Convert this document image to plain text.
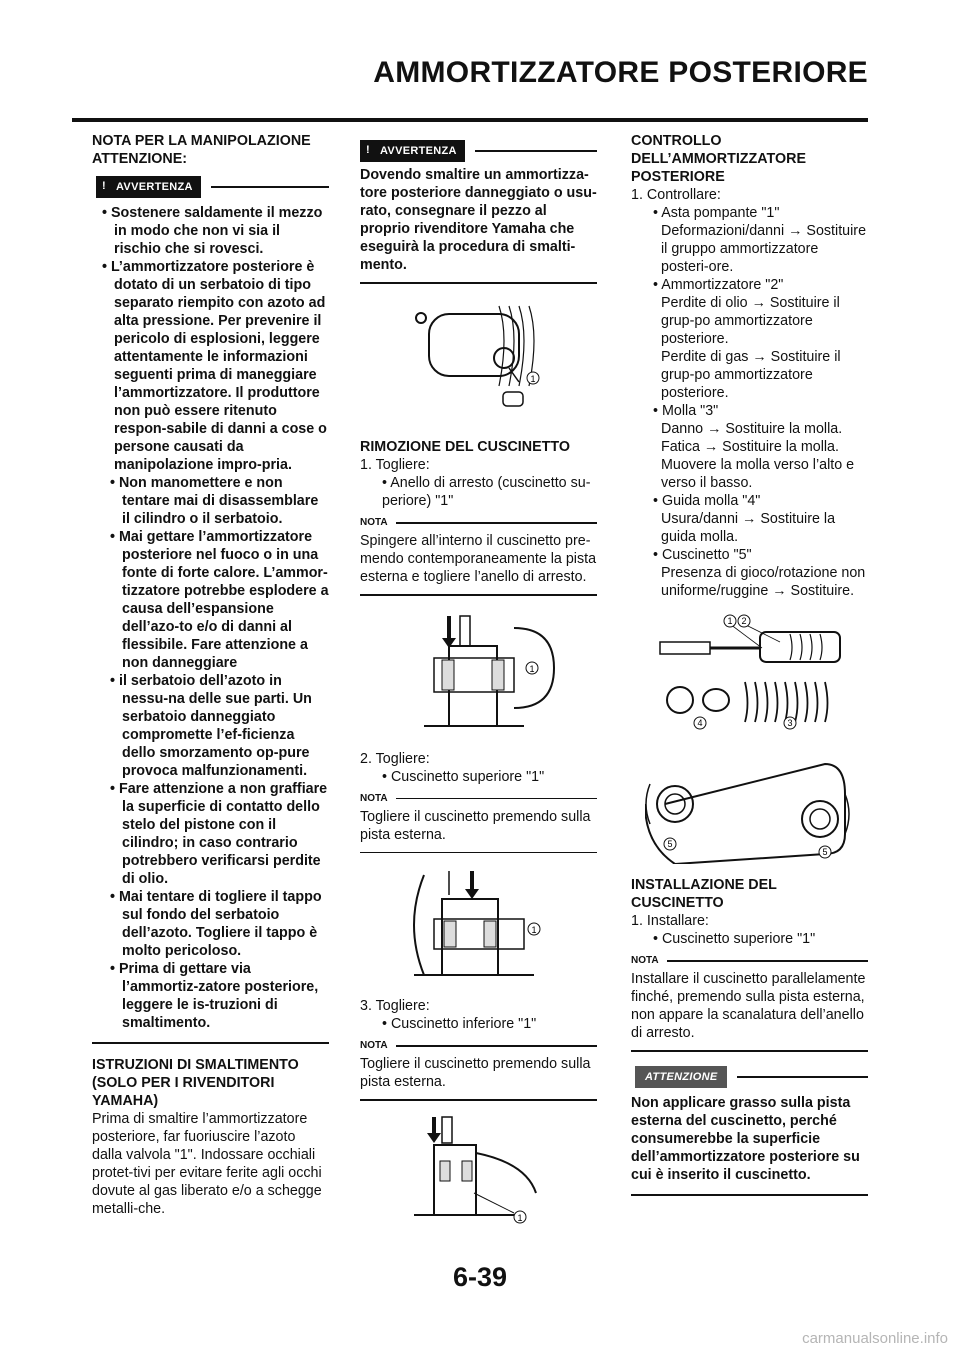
AMMORTIZZATORE POSTERIORE
NOTA PER LA MANIPOLAZIONE ATTENZIONE:
! AVVERTENZA
• Sostenere saldamente il mezzo in modo che non vi sia il rischio che si rovesci.
• L’ammortizzatore posteriore è dotato di un serbatoio di tipo separato riempito con azoto ad alta pressione. Per prevenire il pericolo di esplosioni, leggere attentamente le informazioni seguenti prima di maneggiare l’ammortizzatore. Il produttore non può essere ritenuto respon-sabile di danni a cose o persone causati da manipolazione impro-pria.
• Non manomettere e non tentare mai di disassemblare il cilindro o il serbatoio.
• Mai gettare l’ammortizzatore posteriore nel fuoco o in una fonte di forte calore. L’ammor-tizzatore potrebbe esplodere a causa dell’espansione dell’azo-to e/o di danni al flessibile. Fare attenzione a non danneggiare
• il serbatoio dell’azoto in nessu-na delle sue parti. Un serbatoio danneggiato compromette l’ef-ficienza dello smorzamento op-pure provoca malfunzionamenti.
• Fare attenzione a non graffiare la superficie di contatto dello stelo del pistone con il cilindro; in caso contrario potrebbero verificarsi perdite di olio.
• Mai tentare di togliere il tappo sul fondo del serbatoio dell’azoto. Togliere il tappo è molto pericoloso.
• Prima di gettare via l’ammortiz-zatore posteriore, leggere le is-truzioni di smaltimento.
ISTRUZIONI DI SMALTIMENTO (SOLO PER I RIVENDITORI YAMAHA)

Prima di smaltire l’ammortizzatore posteriore, far fuoriuscire l’azoto dalla valvola "1". Indossare occhiali protet-tivi per evitare ferite agli occhi dovute al gas liberato e/o a schegge metalli-che.

! AVVERTENZA

Dovendo smaltire un ammortizza-tore posteriore danneggiato o usu-rato, consegnare il pezzo al proprio rivenditore Yamaha che eseguirà la procedura di smalti-mento.

1
RIMOZIONE DEL CUSCINETTO
1. Togliere:
• Anello di arresto (cuscinetto su-periore) "1"
NOTA

Spingere all’interno il cuscinetto pre-mendo contemporaneamente la pista esterna e togliere l’anello di arresto.

1
2. Togliere:
• Cuscinetto superiore "1"
NOTA

Togliere il cuscinetto premendo sulla pista esterna.

1
3. Togliere:
• Cuscinetto inferiore "1"
NOTA

Togliere il cuscinetto premendo sulla pista esterna.

1
CONTROLLO DELL’AMMORTIZZATORE POSTERIORE
1. Controllare:
• Asta pompante "1"
Deformazioni/danni → Sostituire il gruppo ammortizzatore posteri-ore.
• Ammortizzatore "2"
Perdite di olio → Sostituire il grup-po ammortizzatore posteriore.
Perdite di gas → Sostituire il grup-po ammortizzatore posteriore.
• Molla "3"
Danno → Sostituire la molla.
Fatica → Sostituire la molla.
Muovere la molla verso l’alto e verso il basso.
• Guida molla "4"
Usura/danni → Sostituire la guida molla.
• Cuscinetto "5"
Presenza di gioco/rotazione non uniforme/ruggine → Sostituire.
1 2
3
4
5
5
INSTALLAZIONE DEL CUSCINETTO
1. Installare:
• Cuscinetto superiore "1"
NOTA

Installare il cuscinetto parallelamente finché, premendo sulla pista esterna, non appare la scanalatura dell’anello di arresto.

ATTENZIONE

Non applicare grasso sulla pista esterna del cuscinetto, perché consumerebbe la superficie dell’ammortizzatore posteriore su cui è inserito il cuscinetto.

6-39
carmanualsonline.info
